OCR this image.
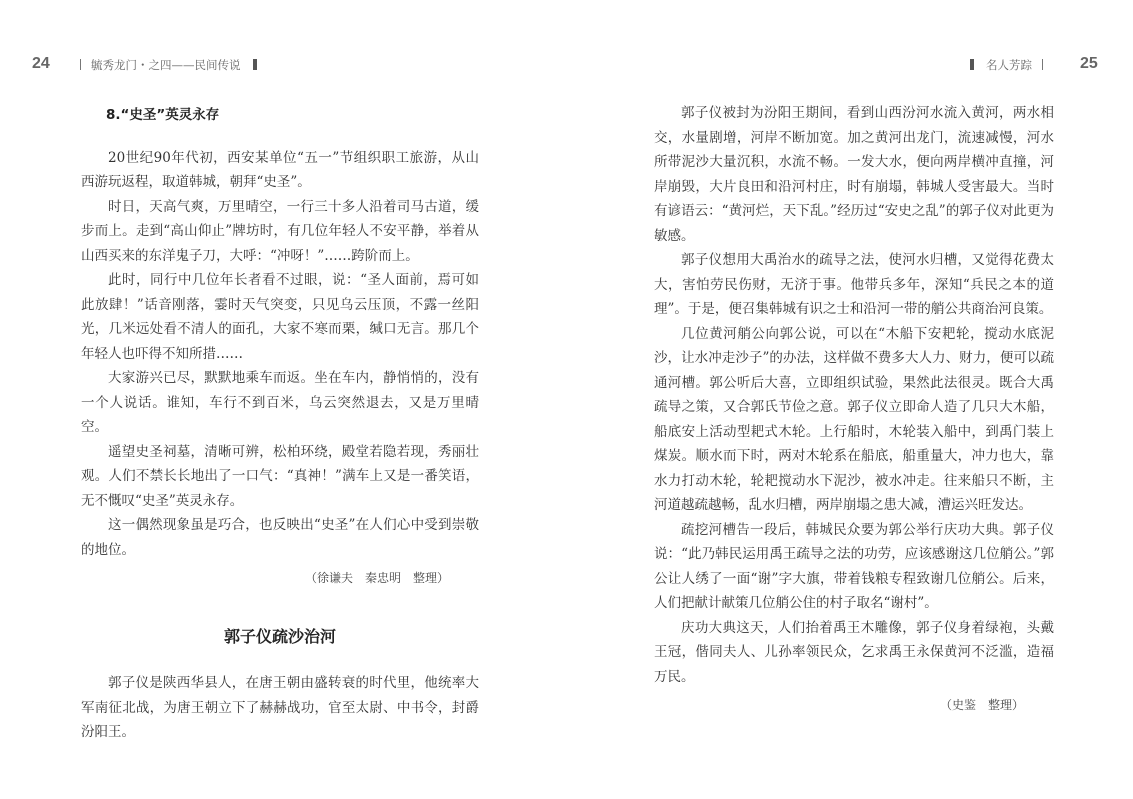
24	毓秀龙门・之四——民间传说
8.“史圣”英灵永存

20世纪90年代初，西安某单位“五一”节组织职工旅游，从山西游玩返程，取道韩城，朝拜“史圣”。

时日，天高气爽，万里晴空，一行三十多人沿着司马古道，缓步而上。走到“高山仰止”牌坊时，有几位年轻人不安平静，举着从山西买来的东洋鬼子刀，大呼：“冲呀！”……跨阶而上。

此时，同行中几位年长者看不过眼，说：“圣人面前，焉可如此放肆！”话音刚落，霎时天气突变，只见乌云压顶，不露一丝阳光，几米远处看不清人的面孔，大家不寒而栗，缄口无言。那几个年轻人也吓得不知所措……

大家游兴已尽，默默地乘车而返。坐在车内，静悄悄的，没有一个人说话。谁知，车行不到百米，乌云突然退去，又是万里晴空。

遥望史圣祠墓，清晰可辨，松柏环绕，殿堂若隐若现，秀丽壮观。人们不禁长长地出了一口气：“真神！”满车上又是一番笑语，无不慨叹“史圣”英灵永存。

这一偶然现象虽是巧合，也反映出“史圣”在人们心中受到崇敬的地位。

（徐谦夫　秦忠明　整理）
郭子仪疏沙治河

郭子仪是陕西华县人，在唐王朝由盛转衰的时代里，他统率大军南征北战，为唐王朝立下了赫赫战功，官至太尉、中书令，封爵汾阳王。

名人芳踪	25

郭子仪被封为汾阳王期间，看到山西汾河水流入黄河，两水相交，水量剧增，河岸不断加宽。加之黄河出龙门，流速减慢，河水所带泥沙大量沉积，水流不畅。一发大水，便向两岸横冲直撞，河岸崩毁，大片良田和沿河村庄，时有崩塌，韩城人受害最大。当时有谚语云：“黄河烂，天下乱。”经历过“安史之乱”的郭子仪对此更为敏感。

郭子仪想用大禹治水的疏导之法，使河水归槽，又觉得花费太大，害怕劳民伤财，无济于事。他带兵多年，深知“兵民之本的道理”。于是，便召集韩城有识之士和沿河一带的艄公共商治河良策。

几位黄河艄公向郭公说，可以在“木船下安耙轮，搅动水底泥沙，让水冲走沙子”的办法，这样做不费多大人力、财力，便可以疏通河槽。郭公听后大喜，立即组织试验，果然此法很灵。既合大禹疏导之策，又合郭氏节俭之意。郭子仪立即命人造了几只大木船，船底安上活动型耙式木轮。上行船时，木轮装入船中，到禹门装上煤炭。顺水而下时，两对木轮系在船底，船重量大，冲力也大，靠水力打动木轮，轮耙搅动水下泥沙，被水冲走。往来船只不断，主河道越疏越畅，乱水归槽，两岸崩塌之患大减，漕运兴旺发达。

疏挖河槽告一段后，韩城民众要为郭公举行庆功大典。郭子仪说：“此乃韩民运用禹王疏导之法的功劳，应该感谢这几位艄公。”郭公让人绣了一面“谢”字大旗，带着钱粮专程致谢几位艄公。后来，人们把献计献策几位艄公住的村子取名“谢村”。

庆功大典这天，人们抬着禹王木雕像，郭子仪身着绿袍，头戴王冠，偕同夫人、儿孙率领民众，乞求禹王永保黄河不泛滥，造福万民。

（史鉴　整理）
